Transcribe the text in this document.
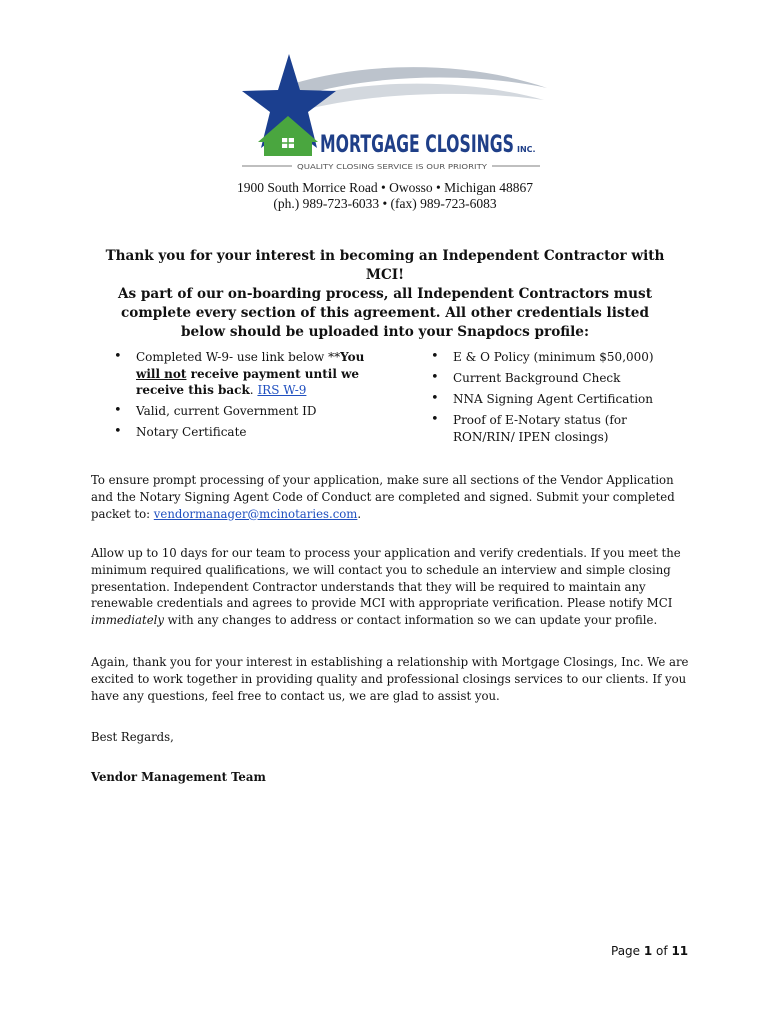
MORTGAGE CLOSINGS INC.
QUALITY CLOSING SERVICE IS OUR PRIORITY
1900 South Morrice Road • Owosso • Michigan 48867
(ph.) 989-723-6033 • (fax) 989-723-6083

Thank you for your interest in becoming an Independent Contractor with MCI!

As part of our on-boarding process, all Independent Contractors must complete every section of this agreement. All other credentials listed below should be uploaded into your Snapdocs profile:

• Completed W-9- use link below **You will not receive payment until we receive this back. IRS W-9
• Valid, current Government ID
• Notary Certificate
• E & O Policy (minimum $50,000)
• Current Background Check
• NNA Signing Agent Certification
• Proof of E-Notary status (for RON/RIN/ IPEN closings)

To ensure prompt processing of your application, make sure all sections of the Vendor Application and the Notary Signing Agent Code of Conduct are completed and signed. Submit your completed packet to: vendormanager@mcinotaries.com.

Allow up to 10 days for our team to process your application and verify credentials. If you meet the minimum required qualifications, we will contact you to schedule an interview and simple closing presentation. Independent Contractor understands that they will be required to maintain any renewable credentials and agrees to provide MCI with appropriate verification. Please notify MCI immediately with any changes to address or contact information so we can update your profile.

Again, thank you for your interest in establishing a relationship with Mortgage Closings, Inc. We are excited to work together in providing quality and professional closings services to our clients. If you have any questions, feel free to contact us, we are glad to assist you.

Best Regards,

Vendor Management Team

Page 1 of 11
